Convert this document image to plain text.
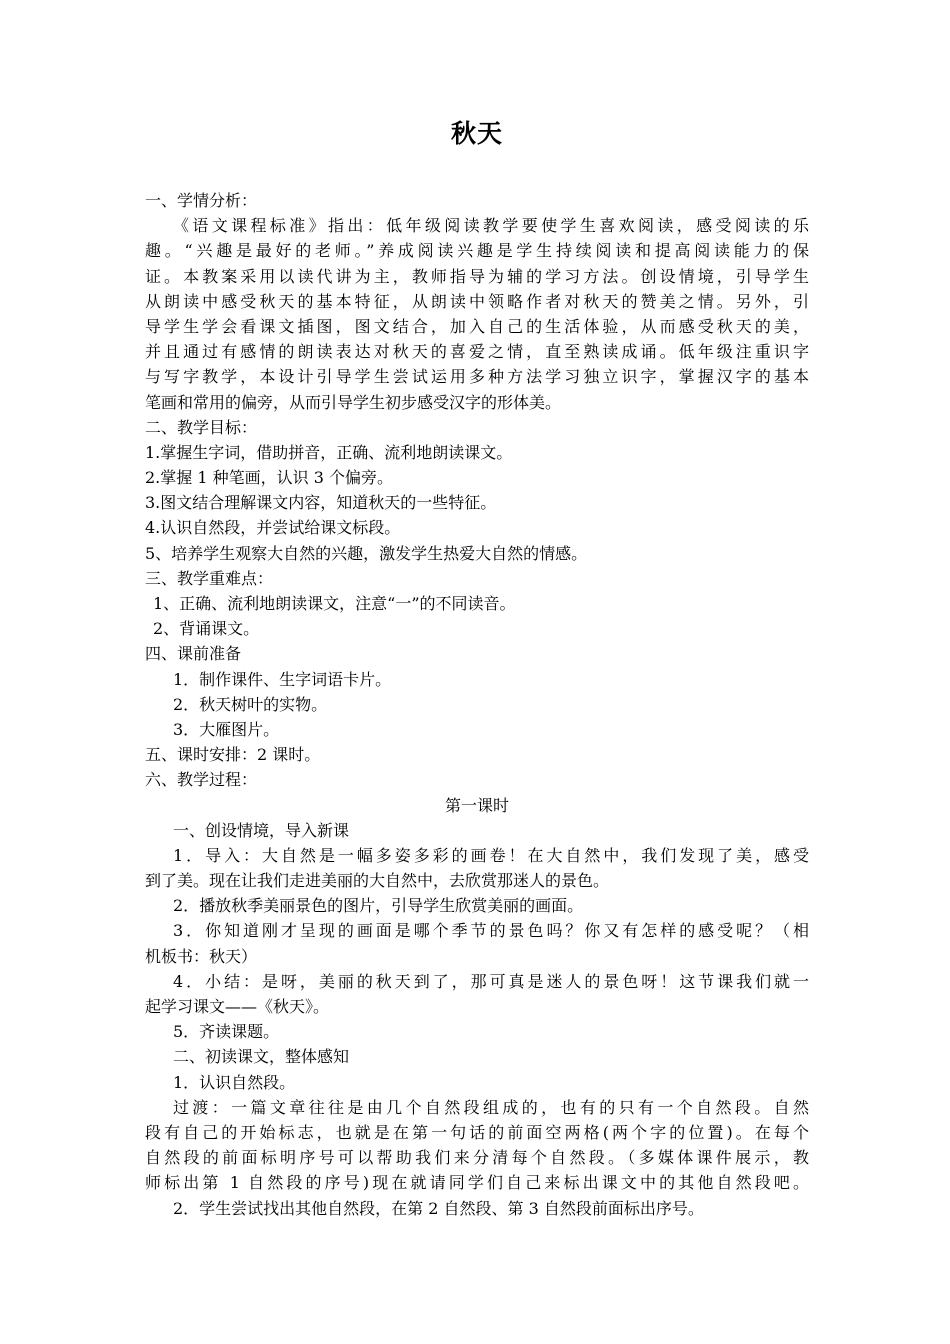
秋天
一、学情分析：
《语文课程标准》指出：低年级阅读教学要使学生喜欢阅读，感受阅读的乐
趣。“兴趣是最好的老师。”养成阅读兴趣是学生持续阅读和提高阅读能力的保
证。本教案采用以读代讲为主，教师指导为辅的学习方法。创设情境，引导学生
从朗读中感受秋天的基本特征，从朗读中领略作者对秋天的赞美之情。另外，引
导学生学会看课文插图，图文结合，加入自己的生活体验，从而感受秋天的美，
并且通过有感情的朗读表达对秋天的喜爱之情，直至熟读成诵。低年级注重识字
与写字教学，本设计引导学生尝试运用多种方法学习独立识字，掌握汉字的基本
笔画和常用的偏旁，从而引导学生初步感受汉字的形体美。
二、教学目标：
1.掌握生字词，借助拼音，正确、流利地朗读课文。
2.掌握 1 种笔画，认识 3 个偏旁。
3.图文结合理解课文内容，知道秋天的一些特征。
4.认识自然段，并尝试给课文标段。
5、培养学生观察大自然的兴趣，激发学生热爱大自然的情感。
三、教学重难点：
1、正确、流利地朗读课文，注意“一”的不同读音。
2、背诵课文。
四、课前准备
1．制作课件、生字词语卡片。
2．秋天树叶的实物。
3．大雁图片。
五、课时安排：2 课时。
六、教学过程：
第一课时
一、创设情境，导入新课
1．导入：大自然是一幅多姿多彩的画卷！在大自然中，我们发现了美，感受
到了美。现在让我们走进美丽的大自然中，去欣赏那迷人的景色。
2．播放秋季美丽景色的图片，引导学生欣赏美丽的画面。
3．你知道刚才呈现的画面是哪个季节的景色吗？你又有怎样的感受呢？（相
机板书：秋天）
4．小结：是呀，美丽的秋天到了，那可真是迷人的景色呀！这节课我们就一
起学习课文——《秋天》。
5．齐读课题。
二、初读课文，整体感知
1．认识自然段。
过渡：一篇文章往往是由几个自然段组成的，也有的只有一个自然段。自然
段有自己的开始标志，也就是在第一句话的前面空两格(两个字的位置)。在每个
自然段的前面标明序号可以帮助我们来分清每个自然段。（多媒体课件展示，教
师标出第 1 自然段的序号)现在就请同学们自己来标出课文中的其他自然段吧。
2．学生尝试找出其他自然段，在第 2 自然段、第 3 自然段前面标出序号。
